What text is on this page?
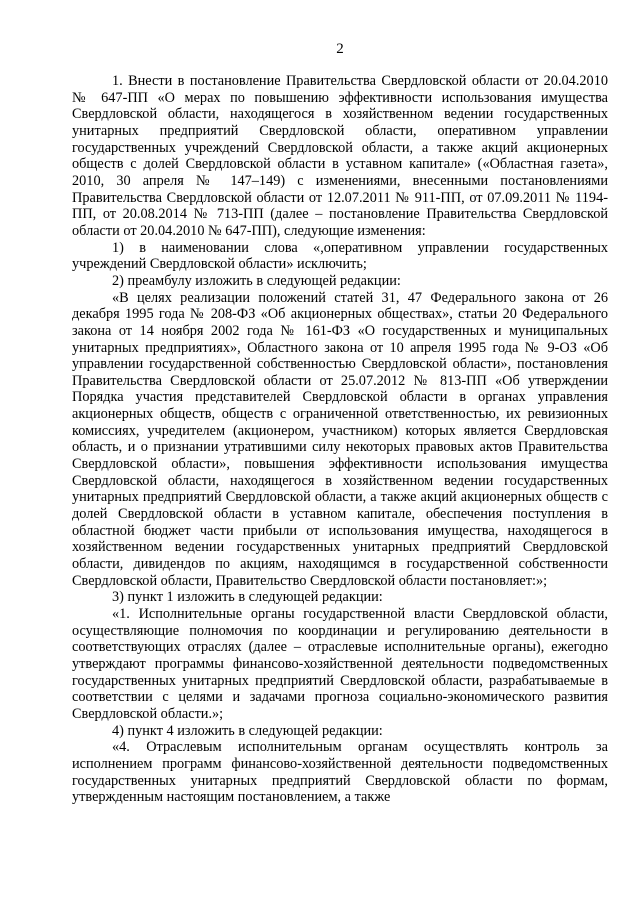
2

1. Внести в постановление Правительства Свердловской области от 20.04.2010 № 647-ПП «О мерах по повышению эффективности использования имущества Свердловской области, находящегося в хозяйственном ведении государственных унитарных предприятий Свердловской области, оперативном управлении государственных учреждений Свердловской области, а также акций акционерных обществ с долей Свердловской области в уставном капитале» («Областная газета», 2010, 30 апреля № 147–149) с изменениями, внесенными постановлениями Правительства Свердловской области от 12.07.2011 № 911-ПП, от 07.09.2011 № 1194-ПП, от 20.08.2014 № 713-ПП (далее – постановление Правительства Свердловской области от 20.04.2010 № 647-ПП), следующие изменения:

1) в наименовании слова «,оперативном управлении государственных учреждений Свердловской области» исключить;

2) преамбулу изложить в следующей редакции:

«В целях реализации положений статей 31, 47 Федерального закона от 26 декабря 1995 года № 208-ФЗ «Об акционерных обществах», статьи 20 Федерального закона от 14 ноября 2002 года № 161-ФЗ «О государственных и муниципальных унитарных предприятиях», Областного закона от 10 апреля 1995 года № 9-ОЗ «Об управлении государственной собственностью Свердловской области», постановления Правительства Свердловской области от 25.07.2012 № 813-ПП «Об утверждении Порядка участия представителей Свердловской области в органах управления акционерных обществ, обществ с ограниченной ответственностью, их ревизионных комиссиях, учредителем (акционером, участником) которых является Свердловская область, и о признании утратившими силу некоторых правовых актов Правительства Свердловской области», повышения эффективности использования имущества Свердловской области, находящегося в хозяйственном ведении государственных унитарных предприятий Свердловской области, а также акций акционерных обществ с долей Свердловской области в уставном капитале, обеспечения поступления в областной бюджет части прибыли от использования имущества, находящегося в хозяйственном ведении государственных унитарных предприятий Свердловской области, дивидендов по акциям, находящимся в государственной собственности Свердловской области, Правительство Свердловской области постановляет:»;

3) пункт 1 изложить в следующей редакции:

«1. Исполнительные органы государственной власти Свердловской области, осуществляющие полномочия по координации и регулированию деятельности в соответствующих отраслях (далее – отраслевые исполнительные органы), ежегодно утверждают программы финансово-хозяйственной деятельности подведомственных государственных унитарных предприятий Свердловской области, разрабатываемые в соответствии с целями и задачами прогноза социально-экономического развития Свердловской области.»;

4) пункт 4 изложить в следующей редакции:

«4. Отраслевым исполнительным органам осуществлять контроль за исполнением программ финансово-хозяйственной деятельности подведомственных государственных унитарных предприятий Свердловской области по формам, утвержденным настоящим постановлением, а также
